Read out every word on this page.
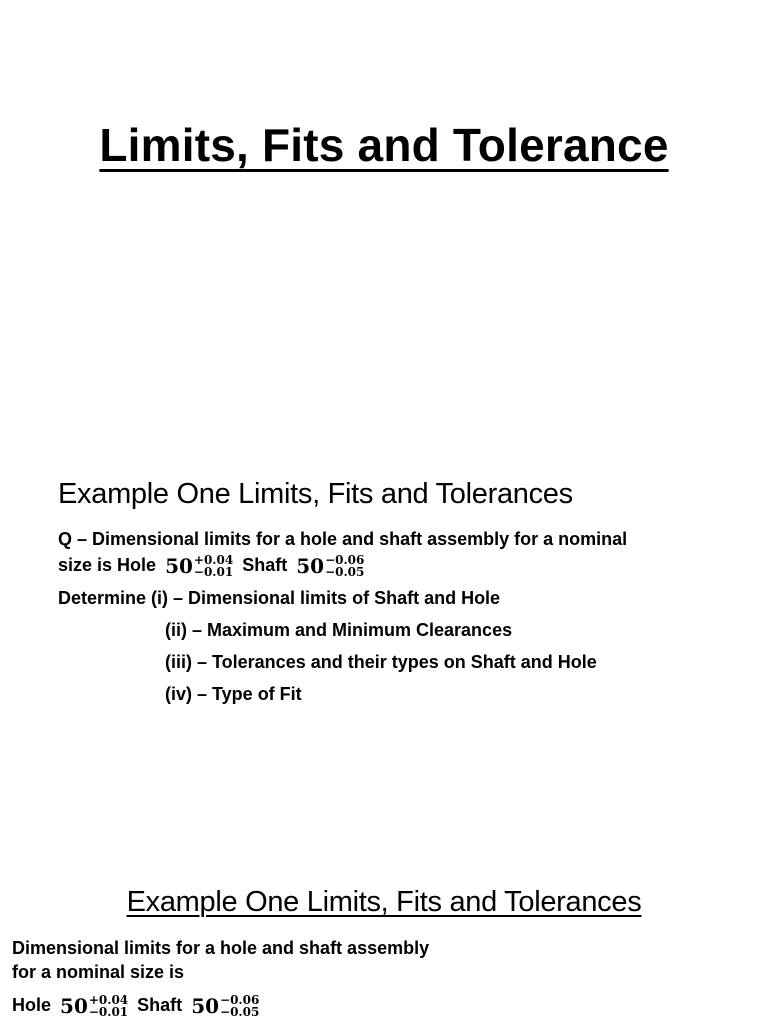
Limits, Fits and Tolerance
Example One Limits, Fits and Tolerances
Q – Dimensional limits for a hole and shaft assembly for a nominal
size is Hole 50 +0.04
−0.01 Shaft 50 −0.06
−0.05
Determine (i) – Dimensional limits of Shaft and Hole
(ii) – Maximum and Minimum Clearances
(iii) – Tolerances and their types on Shaft and Hole
(iv) – Type of Fit
Example One Limits, Fits and Tolerances
Dimensional limits for a hole and shaft assembly
for a nominal size is
Hole 50 +0.04
−0.01 Shaft 50 −0.06
−0.05
